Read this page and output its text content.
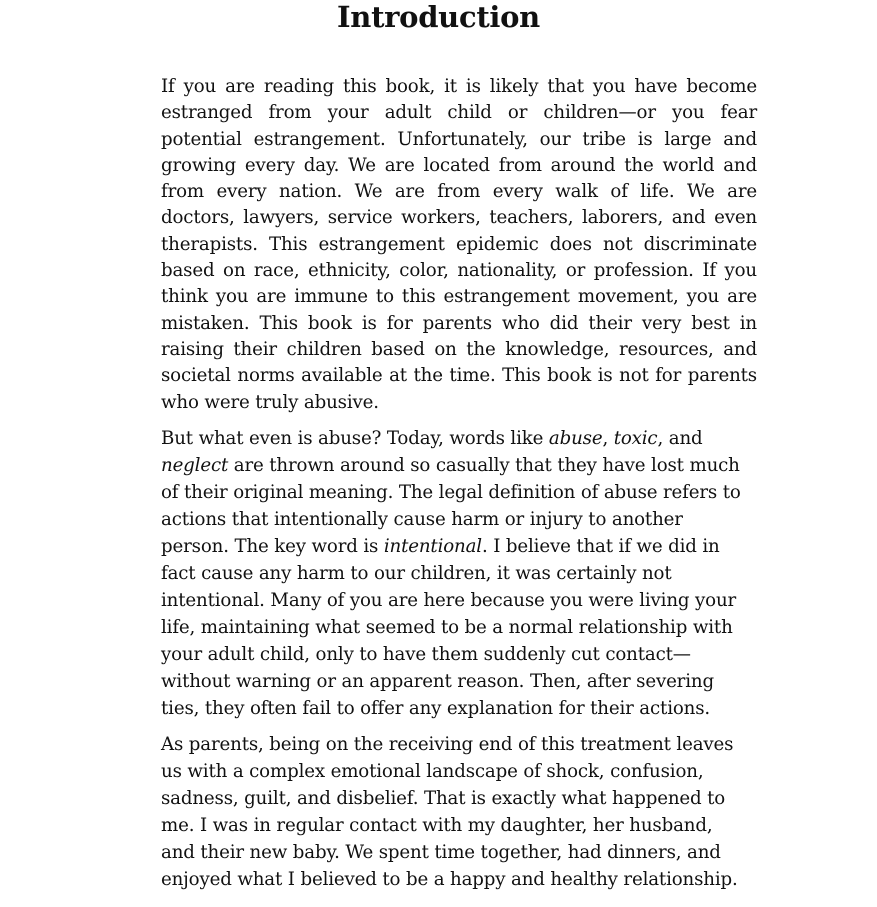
Introduction

If you are reading this book, it is likely that you have become estranged from your adult child or children—or you fear potential estrangement. Unfortunately, our tribe is large and growing every day. We are located from around the world and from every nation. We are from every walk of life. We are doctors, lawyers, service workers, teachers, laborers, and even therapists. This estrangement epidemic does not discriminate based on race, ethnicity, color, nationality, or profession. If you think you are immune to this estrangement movement, you are mistaken. This book is for parents who did their very best in raising their children based on the knowledge, resources, and societal norms available at the time. This book is not for parents who were truly abusive.

But what even is abuse? Today, words like abuse, toxic, and neglect are thrown around so casually that they have lost much of their original meaning. The legal definition of abuse refers to actions that intentionally cause harm or injury to another person. The key word is intentional. I believe that if we did in fact cause any harm to our children, it was certainly not intentional. Many of you are here because you were living your life, maintaining what seemed to be a normal relationship with your adult child, only to have them suddenly cut contact—without warning or an apparent reason. Then, after severing ties, they often fail to offer any explanation for their actions.

As parents, being on the receiving end of this treatment leaves us with a complex emotional landscape of shock, confusion, sadness, guilt, and disbelief. That is exactly what happened to me. I was in regular contact with my daughter, her husband, and their new baby. We spent time together, had dinners, and enjoyed what I believed to be a happy and healthy relationship.
